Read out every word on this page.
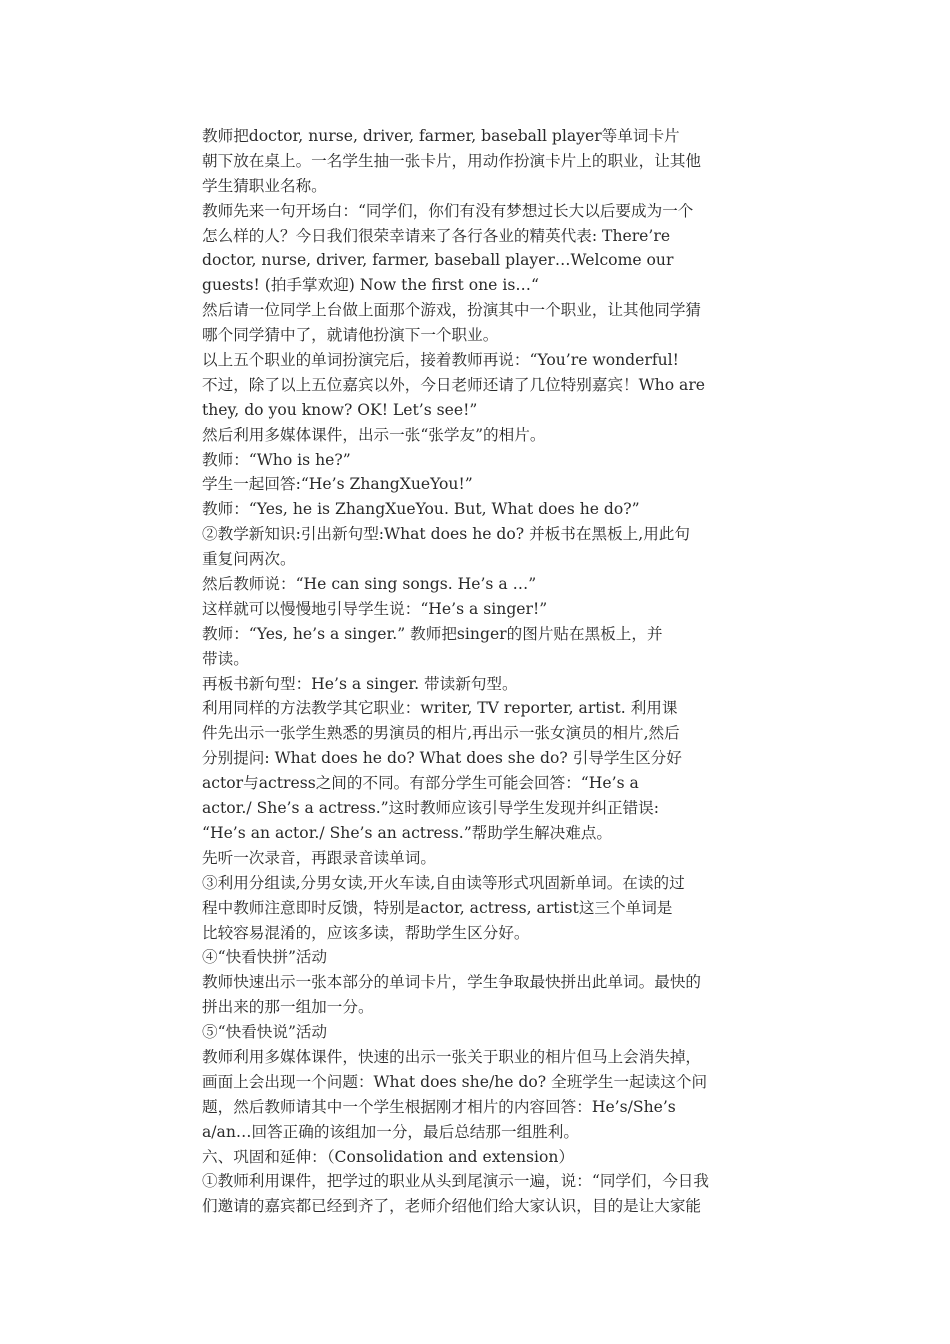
教师把doctor, nurse, driver, farmer, baseball player等单词卡片
朝下放在桌上。一名学生抽一张卡片，用动作扮演卡片上的职业，让其他
学生猜职业名称。
教师先来一句开场白：“同学们，你们有没有梦想过长大以后要成为一个
怎么样的人？今日我们很荣幸请来了各行各业的精英代表: There’re
doctor, nurse, driver, farmer, baseball player…Welcome our
guests! (拍手掌欢迎) Now the first one is…“
然后请一位同学上台做上面那个游戏，扮演其中一个职业，让其他同学猜
哪个同学猜中了，就请他扮演下一个职业。
以上五个职业的单词扮演完后，接着教师再说：“You’re wonderful!
不过，除了以上五位嘉宾以外，今日老师还请了几位特别嘉宾！Who are
they, do you know? OK! Let’s see!”
然后利用多媒体课件，出示一张“张学友”的相片。
教师：“Who is he?”
学生一起回答:“He’s ZhangXueYou!”
教师：“Yes, he is ZhangXueYou. But, What does he do?”
②教学新知识:引出新句型:What does he do? 并板书在黑板上,用此句
重复问两次。
然后教师说：“He can sing songs. He’s a …”
这样就可以慢慢地引导学生说：“He’s a singer!”
教师：“Yes, he’s a singer.” 教师把singer的图片贴在黑板上，并
带读。
再板书新句型：He’s a singer. 带读新句型。
利用同样的方法教学其它职业：writer, TV reporter, artist. 利用课
件先出示一张学生熟悉的男演员的相片,再出示一张女演员的相片,然后
分别提问: What does he do? What does she do? 引导学生区分好
actor与actress之间的不同。有部分学生可能会回答：“He’s a
actor./ She’s a actress.”这时教师应该引导学生发现并纠正错误:
“He’s an actor./ She’s an actress.”帮助学生解决难点。
先听一次录音，再跟录音读单词。
③利用分组读,分男女读,开火车读,自由读等形式巩固新单词。在读的过
程中教师注意即时反馈，特别是actor, actress, artist这三个单词是
比较容易混淆的，应该多读，帮助学生区分好。
④“快看快拼”活动
教师快速出示一张本部分的单词卡片，学生争取最快拼出此单词。最快的
拼出来的那一组加一分。
⑤“快看快说”活动
教师利用多媒体课件，快速的出示一张关于职业的相片但马上会消失掉，
画面上会出现一个问题：What does she/he do? 全班学生一起读这个问
题，然后教师请其中一个学生根据刚才相片的内容回答：He’s/She’s
a/an…回答正确的该组加一分，最后总结那一组胜利。
六、巩固和延伸：（Consolidation and extension）
①教师利用课件，把学过的职业从头到尾演示一遍，说：“同学们，今日我
们邀请的嘉宾都已经到齐了，老师介绍他们给大家认识，目的是让大家能
